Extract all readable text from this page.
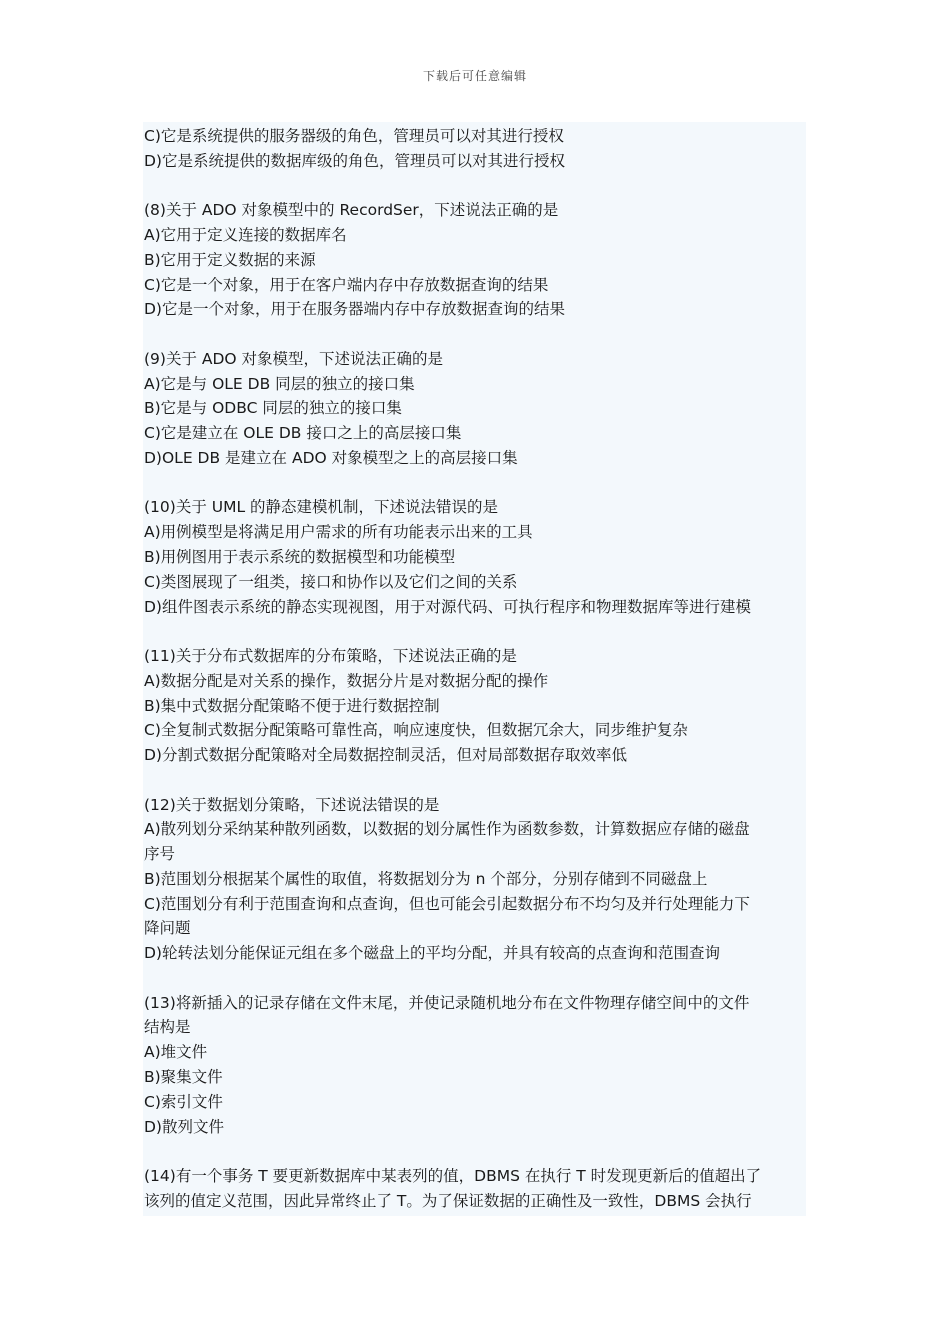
下载后可任意编辑
C)它是系统提供的服务器级的角色，管理员可以对其进行授权
D)它是系统提供的数据库级的角色，管理员可以对其进行授权
(8)关于 ADO 对象模型中的 RecordSer，下述说法正确的是
A)它用于定义连接的数据库名
B)它用于定义数据的来源
C)它是一个对象，用于在客户端内存中存放数据查询的结果
D)它是一个对象，用于在服务器端内存中存放数据查询的结果
(9)关于 ADO 对象模型，下述说法正确的是
A)它是与 OLE DB 同层的独立的接口集
B)它是与 ODBC 同层的独立的接口集
C)它是建立在 OLE DB 接口之上的高层接口集
D)OLE DB 是建立在 ADO 对象模型之上的高层接口集
(10)关于 UML 的静态建模机制，下述说法错误的是
A)用例模型是将满足用户需求的所有功能表示出来的工具
B)用例图用于表示系统的数据模型和功能模型
C)类图展现了一组类，接口和协作以及它们之间的关系
D)组件图表示系统的静态实现视图，用于对源代码、可执行程序和物理数据库等进行建模
(11)关于分布式数据库的分布策略，下述说法正确的是
A)数据分配是对关系的操作，数据分片是对数据分配的操作
B)集中式数据分配策略不便于进行数据控制
C)全复制式数据分配策略可靠性高，响应速度快，但数据冗余大，同步维护复杂
D)分割式数据分配策略对全局数据控制灵活，但对局部数据存取效率低
(12)关于数据划分策略，下述说法错误的是
A)散列划分采纳某种散列函数，以数据的划分属性作为函数参数，计算数据应存储的磁盘
序号
B)范围划分根据某个属性的取值，将数据划分为 n 个部分，分别存储到不同磁盘上
C)范围划分有利于范围查询和点查询，但也可能会引起数据分布不均匀及并行处理能力下
降问题
D)轮转法划分能保证元组在多个磁盘上的平均分配，并具有较高的点查询和范围查询
(13)将新插入的记录存储在文件末尾，并使记录随机地分布在文件物理存储空间中的文件
结构是
A)堆文件
B)聚集文件
C)索引文件
D)散列文件
(14)有一个事务 T 要更新数据库中某表列的值，DBMS 在执行 T 时发现更新后的值超出了
该列的值定义范围，因此异常终止了 T。为了保证数据的正确性及一致性，DBMS 会执行
